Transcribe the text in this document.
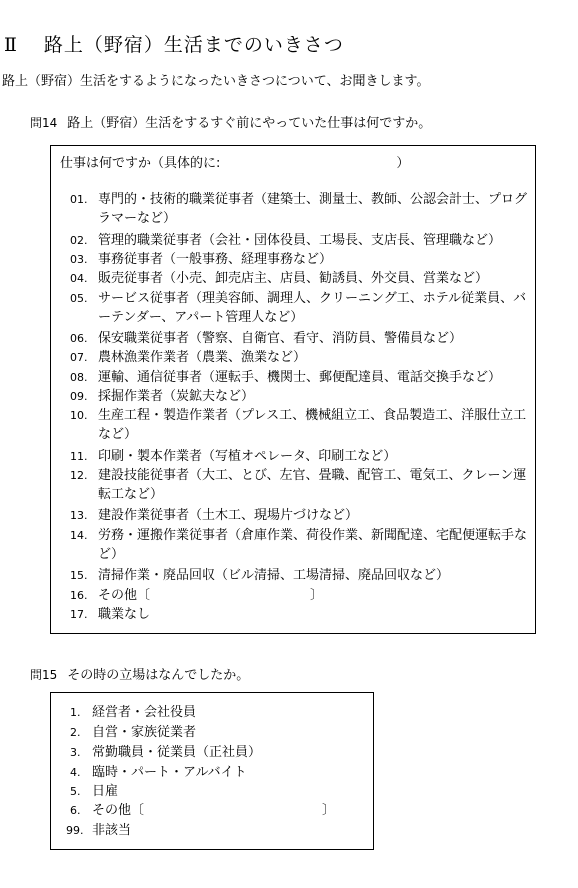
Ⅱ 路上（野宿）生活までのいきさつ
路上（野宿）生活をするようになったいきさつについて、お聞きします。
問14 路上（野宿）生活をするすぐ前にやっていた仕事は何ですか。
仕事は何ですか（具体的に:	）
01. 専門的・技術的職業従事者（建築士、測量士、教師、公認会計士、プログラマーなど）
02. 管理的職業従事者（会社・団体役員、工場長、支店長、管理職など）
03. 事務従事者（一般事務、経理事務など）
04. 販売従事者（小売、卸売店主、店員、勧誘員、外交員、営業など）
05. サービス従事者（理美容師、調理人、クリーニング工、ホテル従業員、バーテンダー、アパート管理人など）
06. 保安職業従事者（警察、自衛官、看守、消防員、警備員など）
07. 農林漁業作業者（農業、漁業など）
08. 運輸、通信従事者（運転手、機関士、郵便配達員、電話交換手など）
09. 採掘作業者（炭鉱夫など）
10. 生産工程・製造作業者（プレス工、機械組立工、食品製造工、洋服仕立工など）
11. 印刷・製本作業者（写植オペレータ、印刷工など）
12. 建設技能従事者（大工、とび、左官、畳職、配管工、電気工、クレーン運転工など）
13. 建設作業従事者（土木工、現場片づけなど）
14. 労務・運搬作業従事者（倉庫作業、荷役作業、新聞配達、宅配便運転手など）
15. 清掃作業・廃品回収（ビル清掃、工場清掃、廃品回収など）
16. その他〔	〕
17. 職業なし
問15 その時の立場はなんでしたか。
1. 経営者・会社役員
2. 自営・家族従業者
3. 常勤職員・従業員（正社員）
4. 臨時・パート・アルバイト
5. 日雇
6. その他〔	〕
99. 非該当
